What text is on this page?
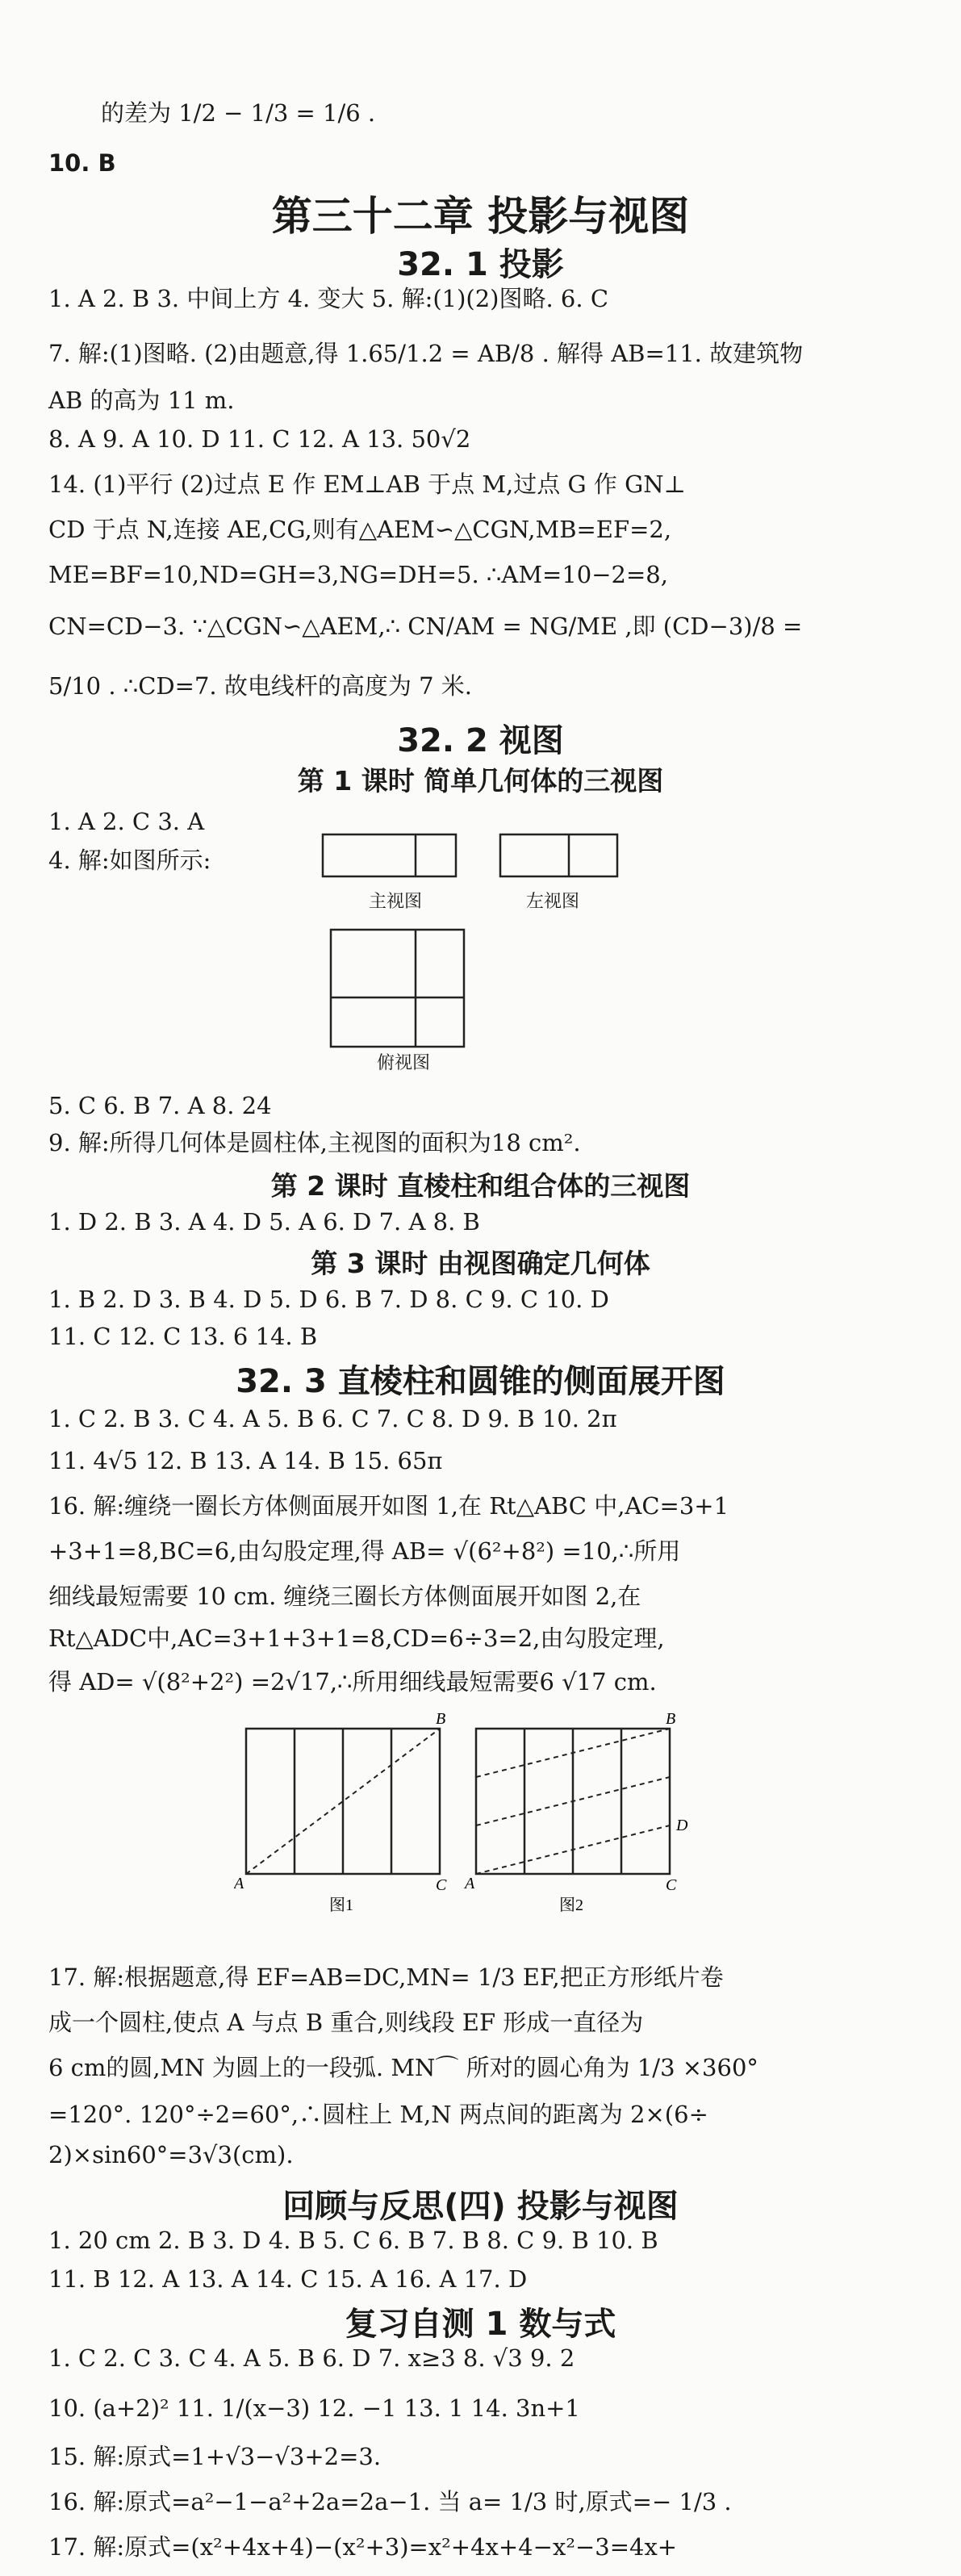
的差为 1/2 − 1/3 = 1/6 .
10. B
第三十二章 投影与视图
32. 1 投影
1. A 2. B 3. 中间上方 4. 变大 5. 解:(1)(2)图略. 6. C
7. 解:(1)图略. (2)由题意,得 1.65/1.2 = AB/8 . 解得 AB=11. 故建筑物
AB 的高为 11 m.
8. A 9. A 10. D 11. C 12. A 13. 50√2
14. (1)平行 (2)过点 E 作 EM⊥AB 于点 M,过点 G 作 GN⊥
CD 于点 N,连接 AE,CG,则有△AEM∽△CGN,MB=EF=2,
ME=BF=10,ND=GH=3,NG=DH=5. ∴AM=10−2=8,
CN=CD−3. ∵△CGN∽△AEM,∴ CN/AM = NG/ME ,即 (CD−3)/8 =
5/10 . ∴CD=7. 故电线杆的高度为 7 米.
32. 2 视图
第 1 课时 简单几何体的三视图
1. A 2. C 3. A
4. 解:如图所示:
主视图	左视图
俯视图
5. C 6. B 7. A 8. 24
9. 解:所得几何体是圆柱体,主视图的面积为18 cm².
第 2 课时 直棱柱和组合体的三视图
1. D 2. B 3. A 4. D 5. A 6. D 7. A 8. B
第 3 课时 由视图确定几何体
1. B 2. D 3. B 4. D 5. D 6. B 7. D 8. C 9. C 10. D
11. C 12. C 13. 6 14. B
32. 3 直棱柱和圆锥的侧面展开图
1. C 2. B 3. C 4. A 5. B 6. C 7. C 8. D 9. B 10. 2π
11. 4√5 12. B 13. A 14. B 15. 65π
16. 解:缠绕一圈长方体侧面展开如图 1,在 Rt△ABC 中,AC=3+1
+3+1=8,BC=6,由勾股定理,得 AB= √(6²+8²) =10,∴所用
细线最短需要 10 cm. 缠绕三圈长方体侧面展开如图 2,在
Rt△ADC中,AC=3+1+3+1=8,CD=6÷3=2,由勾股定理,
得 AD= √(8²+2²) =2√17,∴所用细线最短需要6 √17 cm.
A
B
C A
B
D
C
图1	图2
17. 解:根据题意,得 EF=AB=DC,MN= 1/3 EF,把正方形纸片卷
成一个圆柱,使点 A 与点 B 重合,则线段 EF 形成一直径为
6 cm的圆,MN 为圆上的一段弧. MN⌒ 所对的圆心角为 1/3 ×360°
=120°. 120°÷2=60°,∴圆柱上 M,N 两点间的距离为 2×(6÷
2)×sin60°=3√3(cm).
回顾与反思(四) 投影与视图
1. 20 cm 2. B 3. D 4. B 5. C 6. B 7. B 8. C 9. B 10. B
11. B 12. A 13. A 14. C 15. A 16. A 17. D
复习自测 1 数与式
1. C 2. C 3. C 4. A 5. B 6. D 7. x≥3 8. √3 9. 2
10. (a+2)² 11. 1/(x−3) 12. −1 13. 1 14. 3n+1
15. 解:原式=1+√3−√3+2=3.
16. 解:原式=a²−1−a²+2a=2a−1. 当 a= 1/3 时,原式=− 1/3 .
17. 解:原式=(x²+4x+4)−(x²+3)=x²+4x+4−x²−3=4x+
